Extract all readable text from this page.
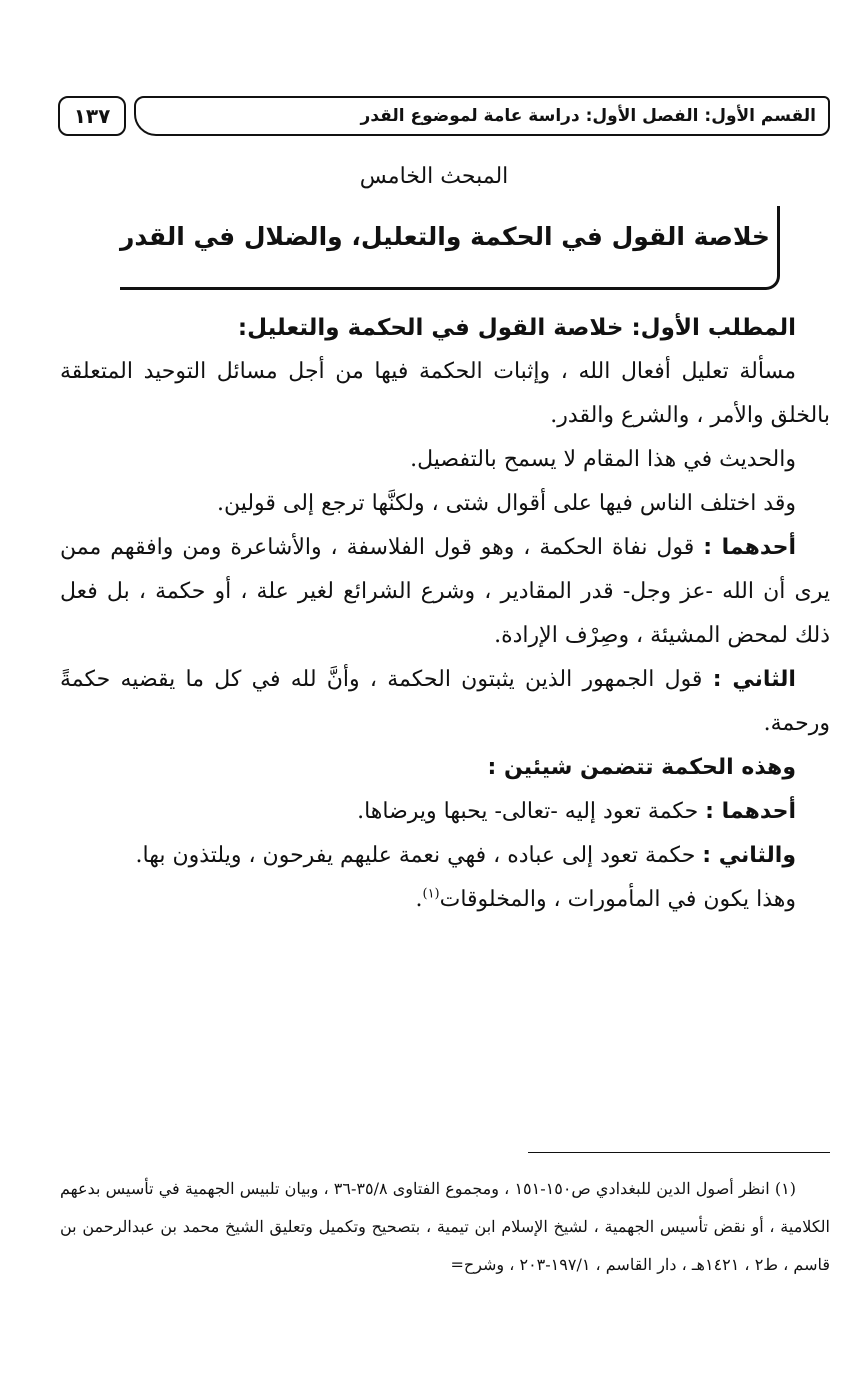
١٣٧	القسم الأول: الفصل الأول: دراسة عامة لموضوع القدر
المبحث الخامس
خلاصة القول في الحكمة والتعليل، والضلال في القدر

المطلب الأول: خلاصة القول في الحكمة والتعليل:

مسألة تعليل أفعال الله ، وإثبات الحكمة فيها من أجل مسائل التوحيد المتعلقة بالخلق والأمر ، والشرع والقدر.

والحديث في هذا المقام لا يسمح بالتفصيل.

وقد اختلف الناس فيها على أقوال شتى ، ولكنَّها ترجع إلى قولين.

أحدهما : قول نفاة الحكمة ، وهو قول الفلاسفة ، والأشاعرة ومن وافقهم ممن يرى أن الله -عز وجل- قدر المقادير ، وشرع الشرائع لغير علة ، أو حكمة ، بل فعل ذلك لمحض المشيئة ، وصِرْف الإرادة.

الثاني : قول الجمهور الذين يثبتون الحكمة ، وأنَّ لله في كل ما يقضيه حكمةً ورحمة.

وهذه الحكمة تتضمن شيئين :

أحدهما : حكمة تعود إليه -تعالى- يحبها ويرضاها.

والثاني : حكمة تعود إلى عباده ، فهي نعمة عليهم يفرحون ، ويلتذون بها.

وهذا يكون في المأمورات ، والمخلوقات$^{(١)}$.

(١) انظر أصول الدين للبغدادي ص١٥٠-١٥١ ، ومجموع الفتاوى ٣٥/٨-٣٦ ، وبيان تلبيس الجهمية في تأسيس بدعهم الكلامية ، أو نقض تأسيس الجهمية ، لشيخ الإسلام ابن تيمية ، بتصحيح وتكميل وتعليق الشيخ محمد بن عبدالرحمن بن قاسم ، ط٢ ، ١٤٢١هـ ، دار القاسم ، ١٩٧/١-٢٠٣ ، وشرح=
